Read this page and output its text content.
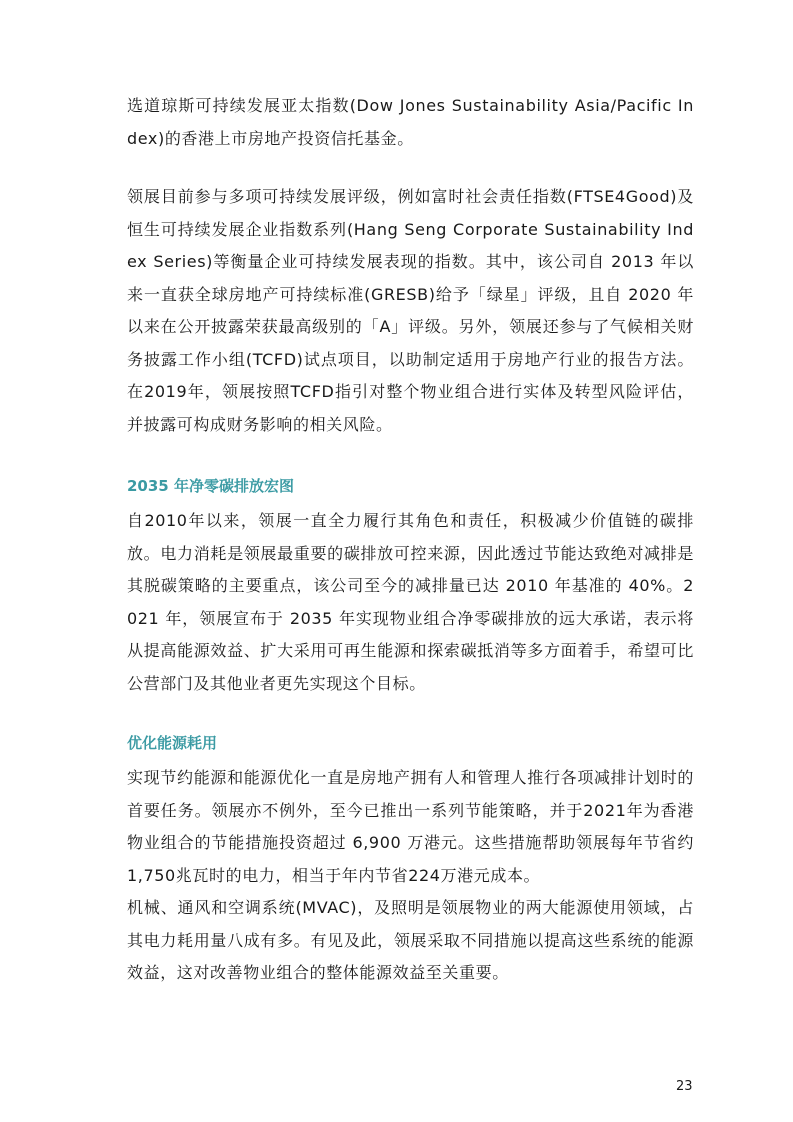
选道琼斯可持续发展亚太指数(Dow Jones Sustainability Asia/Pacific Index)的香港上市房地产投资信托基金。

领展目前参与多项可持续发展评级，例如富时社会责任指数(FTSE4Good)及恒生可持续发展企业指数系列(Hang Seng Corporate Sustainability Index Series)等衡量企业可持续发展表现的指数。其中，该公司自 2013 年以来一直获全球房地产可持续标准(GRESB)给予「绿星」评级，且自 2020 年以来在公开披露荣获最高级别的「A」评级。另外，领展还参与了气候相关财务披露工作小组(TCFD)试点项目，以助制定适用于房地产行业的报告方法。在2019年，领展按照TCFD指引对整个物业组合进行实体及转型风险评估，并披露可构成财务影响的相关风险。

2035 年净零碳排放宏图

自2010年以来，领展一直全力履行其角色和责任，积极减少价值链的碳排放。电力消耗是领展最重要的碳排放可控来源，因此透过节能达致绝对减排是其脱碳策略的主要重点，该公司至今的减排量已达 2010 年基准的 40%。2021 年，领展宣布于 2035 年实现物业组合净零碳排放的远大承诺，表示将从提高能源效益、扩大采用可再生能源和探索碳抵消等多方面着手，希望可比公营部门及其他业者更先实现这个目标。

优化能源耗用

实现节约能源和能源优化一直是房地产拥有人和管理人推行各项减排计划时的首要任务。领展亦不例外，至今已推出一系列节能策略，并于2021年为香港物业组合的节能措施投资超过 6,900 万港元。这些措施帮助领展每年节省约1,750兆瓦时的电力，相当于年内节省224万港元成本。

机械、通风和空调系统(MVAC)，及照明是领展物业的两大能源使用领域，占其电力耗用量八成有多。有见及此，领展采取不同措施以提高这些系统的能源效益，这对改善物业组合的整体能源效益至关重要。

23
